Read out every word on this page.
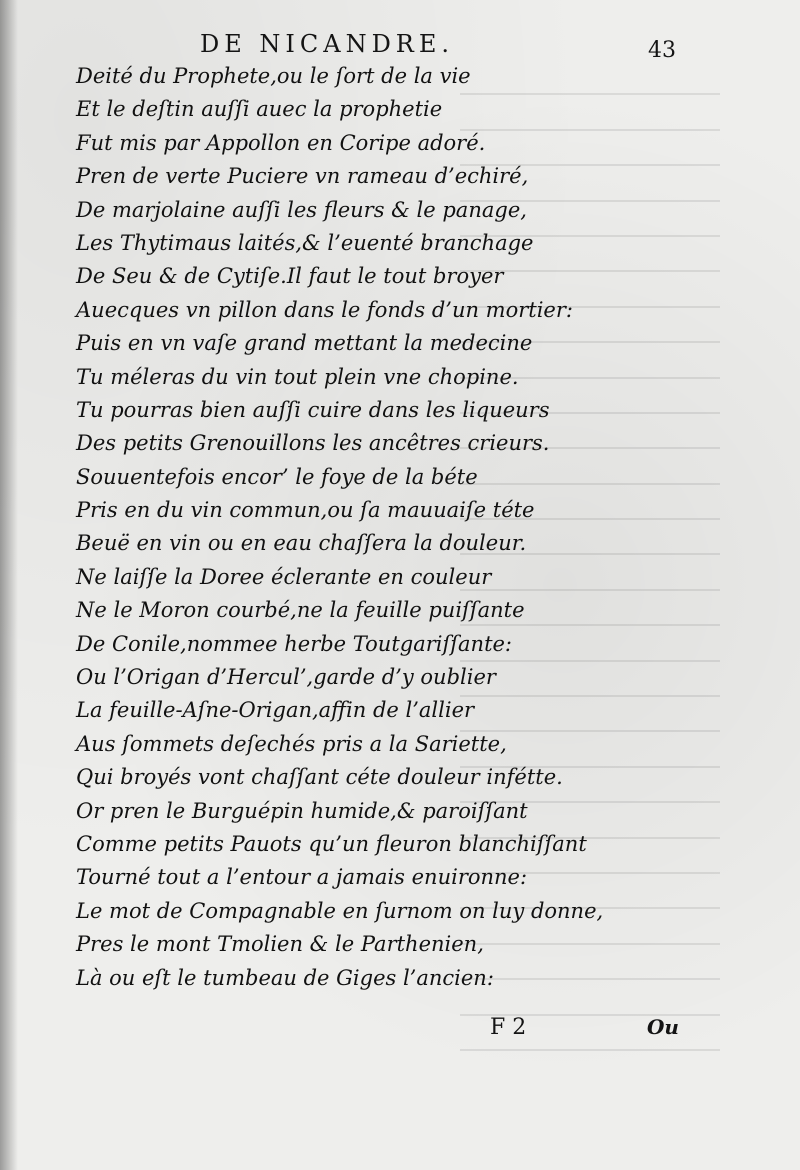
DE NICANDRE.	43
Deité du Prophete,ou le ſort de la vie
Et le deſtin auſſi auec la prophetie
Fut mis par Appollon en Coripe adoré.
Pren de verte Puciere vn rameau d’echiré,
De marjolaine auſſi les fleurs & le panage,
Les Thytimaus laités,& l’euenté branchage
De Seu & de Cytiſe.Il faut le tout broyer
Auecques vn pillon dans le fonds d’un mortier:
Puis en vn vaſe grand mettant la medecine
Tu méleras du vin tout plein vne chopine.
Tu pourras bien auſſi cuire dans les liqueurs
Des petits Grenouillons les ancêtres crieurs.
Souuentefois encor’ le foye de la béte
Pris en du vin commun,ou ſa mauuaiſe téte
Beuë en vin ou en eau chaſſera la douleur.
Ne laiſſe la Doree éclerante en couleur
Ne le Moron courbé,ne la feuille puiſſante
De Conile,nommee herbe Toutgariſſante:
Ou l’Origan d’Hercul’,garde d’y oublier
La feuille-Aſne-Origan,affin de l’allier
Aus ſommets deſechés pris a la Sariette,
Qui broyés vont chaſſant céte douleur infétte.
Or pren le Burguépin humide,& paroiſſant
Comme petits Pauots qu’un fleuron blanchiſſant
Tourné tout a l’entour a jamais enuironne:
Le mot de Compagnable en ſurnom on luy donne,
Pres le mont Tmolien & le Parthenien,
Là ou eſt le tumbeau de Giges l’ancien:
F 2	Ou
